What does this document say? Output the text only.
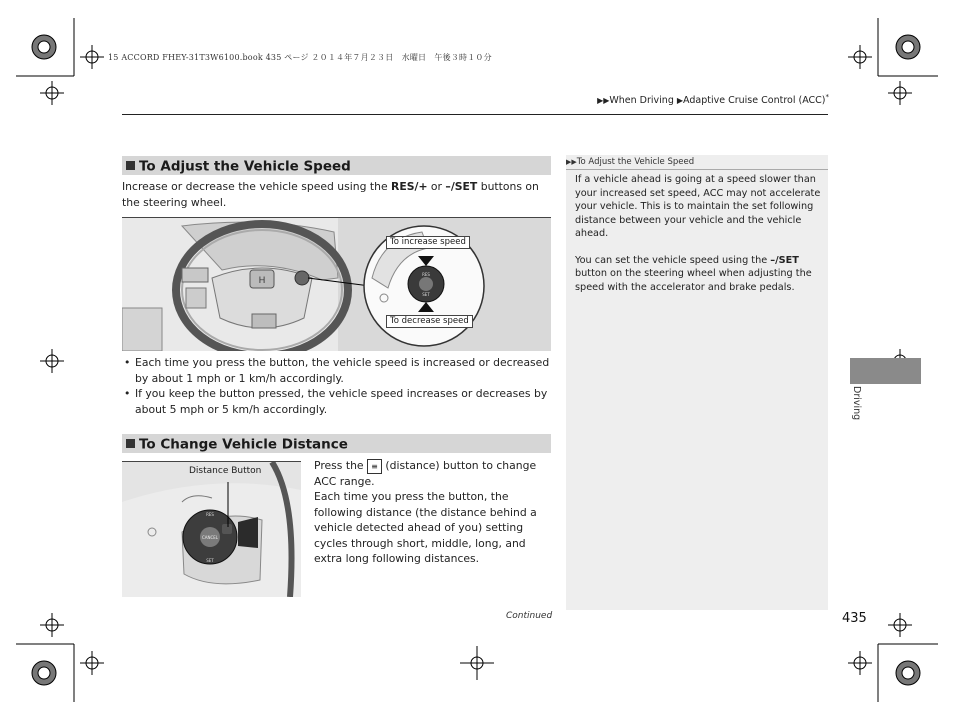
15 ACCORD FHEY-31T3W6100.book 435 ページ ２０１４年７月２３日　水曜日　午後３時１０分
▶▶When Driving ▶Adaptive Cruise Control (ACC)*
To Adjust the Vehicle Speed
Increase or decrease the vehicle speed using the RES/+ or –/SET buttons on the steering wheel.
H
RES
SET
To increase speed
To decrease speed
• Each time you press the button, the vehicle speed is increased or decreased by about 1 mph or 1 km/h accordingly.
• If you keep the button pressed, the vehicle speed increases or decreases by about 5 mph or 5 km/h accordingly.
To Change Vehicle Distance
RES
CANCEL
SET
Distance Button	Press the ≡ (distance) button to change ACC range.
Each time you press the button, the following distance (the distance behind a vehicle detected ahead of you) setting cycles through short, middle, long, and extra long following distances.
▶▶To Adjust the Vehicle Speed
If a vehicle ahead is going at a speed slower than your increased set speed, ACC may not accelerate your vehicle. This is to maintain the set following distance between your vehicle and the vehicle ahead.
You can set the vehicle speed using the –/SET button on the steering wheel when adjusting the speed with the accelerator and brake pedals.
Driving
Continued	435
